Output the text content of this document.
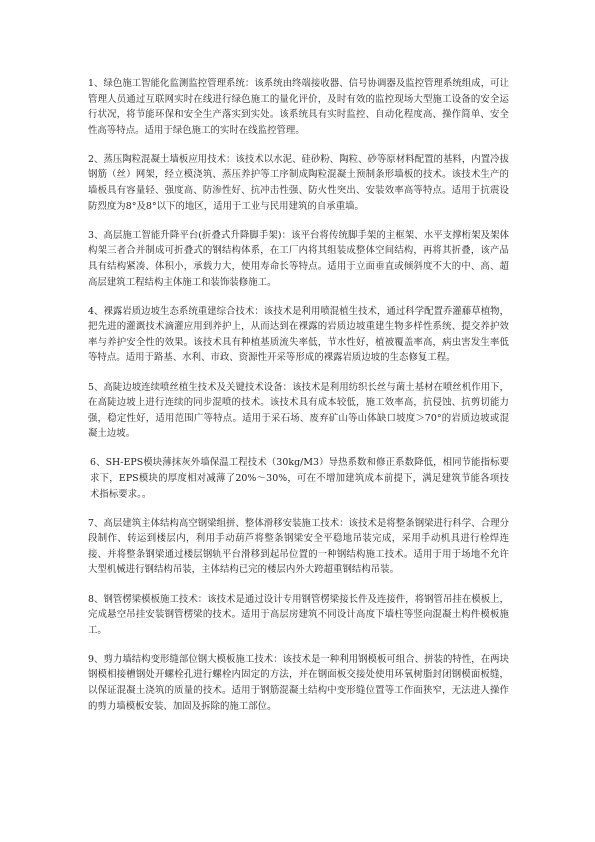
1、绿色施工智能化监测监控管理系统：该系统由终端接收器、信号协调器及监控管理系统组成，可让管理人员通过互联网实时在线进行绿色施工的量化评价，及时有效的监控现场大型施工设备的安全运行状况，将节能环保和安全生产落实到实处。该系统具有实时监控、自动化程度高、操作简单、安全性高等特点。适用于绿色施工的实时在线监控管理。

2、蒸压陶粒混凝土墙板应用技术：该技术以水泥、硅砂粉、陶粒、砂等原材料配置的基料，内置冷拔钢筋（丝）网架，经立模浇筑、蒸压养护等工序制成陶粒混凝土预制条形墙板的技术。该技术生产的墙板具有容量轻、强度高、防渗性好、抗冲击性强、防火性突出、安装效率高等特点。适用于抗震设防烈度为8°及8°以下的地区，适用于工业与民用建筑的自承重墙。

3、高层施工智能升降平台(折叠式升降脚手架)：该平台将传统脚手架的主框架、水平支撑桁架及架体构架三者合并制成可折叠式的钢结构体系，在工厂内将其组装成整体空间结构，再将其折叠，该产品具有结构紧凑、体积小，承载力大，使用寿命长等特点。适用于立面垂直或倾斜度不大的中、高、超高层建筑工程结构主体施工和装饰装修施工。

4、裸露岩质边坡生态系统重建综合技术：该技术是利用喷混植生技术，通过科学配置乔灌藤草植物，把先进的灌溉技术滴灌应用到养护上，从而达到在裸露的岩质边坡重建生物多样性系统、提交养护效率与养护安全性的效果。该技术具有种植基质流失率低，节水性好，植被覆盖率高，病虫害发生率低等特点。适用于路基、水利、市政、资源性开采等形成的裸露岩质边坡的生态修复工程。

5、高陡边坡连续喷丝植生技术及关键技术设备：该技术是利用纺织长丝与菌土基材在喷丝机作用下，在高陡边坡上进行连续的同步混喷的技术。该技术具有成本较低，施工效率高，抗侵蚀、抗剪切能力强，稳定性好，适用范围广等特点。适用于采石场、废弃矿山等山体缺口坡度＞70°的岩质边坡或混凝土边坡。

6、SH-EPS模块薄抹灰外墙保温工程技术（30kg/M3）导热系数和修正系数降低，相同节能指标要求下，EPS模块的厚度相对减薄了20%～30%，可在不增加建筑成本前提下，满足建筑节能各项技术指标要求。。

7、高层建筑主体结构高空钢梁组拼、整体滑移安装施工技术：该技术是将整条钢梁进行科学、合理分段制作、转运到楼层内，利用手动葫芦将整条钢梁安全平稳地吊装完成，采用手动机具进行栓焊连接、并将整条钢梁通过楼层钢轨平台滑移到起吊位置的一种钢结构施工技术。适用于用于场地不允许大型机械进行钢结构吊装，主体结构已完的楼层内外大跨超重钢结构吊装。

8、钢管楞梁模板施工技术：该技术是通过设计专用钢管楞梁接长件及连接件，将钢管吊挂在模板上，完成悬空吊挂安装钢管楞梁的技术。适用于高层房建筑不同设计高度下墙柱等竖向混凝土构件模板施工。

9、剪力墙结构变形缝部位钢大模板施工技术：该技术是一种利用钢模板可组合、拼装的特性，在两块钢模相接槽钢处开螺栓孔进行螺栓内固定的方法，并在钢面板交接处使用环氧树脂封闭钢模面板缝，以保证混凝土浇筑的质量的技术。适用于钢筋混凝土结构中变形缝位置等工作面狭窄，无法进人操作的剪力墙模板安装、加固及拆除的施工部位。
